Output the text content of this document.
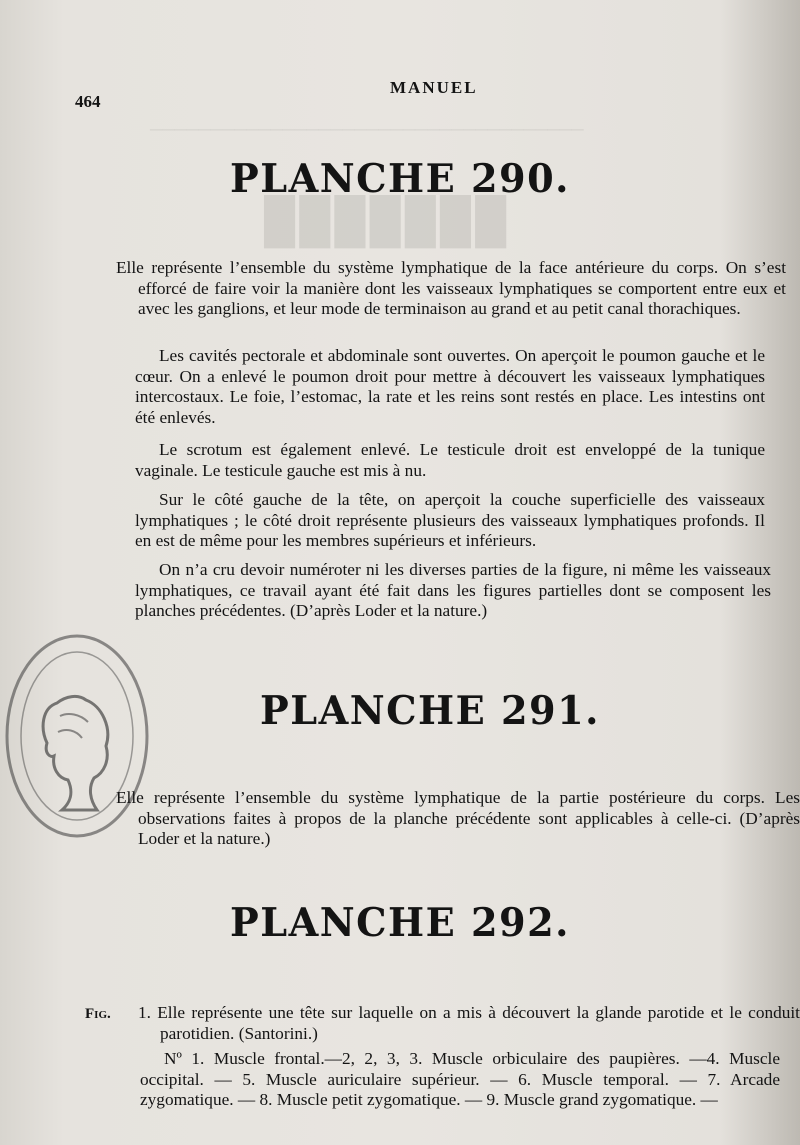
███████
────────────────────────────────────
464
MANUEL
PLANCHE 290.

Elle représente l’ensemble du système lymphatique de la face antérieure du corps. On s’est efforcé de faire voir la manière dont les vaisseaux lymphatiques se comportent entre eux et avec les ganglions, et leur mode de terminaison au grand et au petit canal thorachiques.

Les cavités pectorale et abdominale sont ouvertes. On aperçoit le poumon gauche et le cœur. On a enlevé le poumon droit pour mettre à découvert les vaisseaux lymphatiques intercostaux. Le foie, l’estomac, la rate et les reins sont restés en place. Les intestins ont été enlevés.

Le scrotum est également enlevé. Le testicule droit est enveloppé de la tunique vaginale. Le testicule gauche est mis à nu.

Sur le côté gauche de la tête, on aperçoit la couche superficielle des vaisseaux lymphatiques ; le côté droit représente plusieurs des vaisseaux lymphatiques profonds. Il en est de même pour les membres supérieurs et inférieurs.

On n’a cru devoir numéroter ni les diverses parties de la figure, ni même les vaisseaux lymphatiques, ce travail ayant été fait dans les figures partielles dont se composent les planches précédentes. (D’après Loder et la nature.)

PLANCHE 291.

Elle représente l’ensemble du système lymphatique de la partie postérieure du corps. Les observations faites à propos de la planche précédente sont applicables à celle-ci. (D’après Loder et la nature.)

PLANCHE 292.
Fig. 1. Elle représente une tête sur laquelle on a mis à découvert la glande parotide et le conduit parotidien. (Santorini.)

Nº 1. Muscle frontal.—2, 2, 3, 3. Muscle orbiculaire des paupières. —4. Muscle occipital. — 5. Muscle auriculaire supérieur. — 6. Muscle temporal. — 7. Arcade zygomatique. — 8. Muscle petit zygomatique. — 9. Muscle grand zygomatique. —
